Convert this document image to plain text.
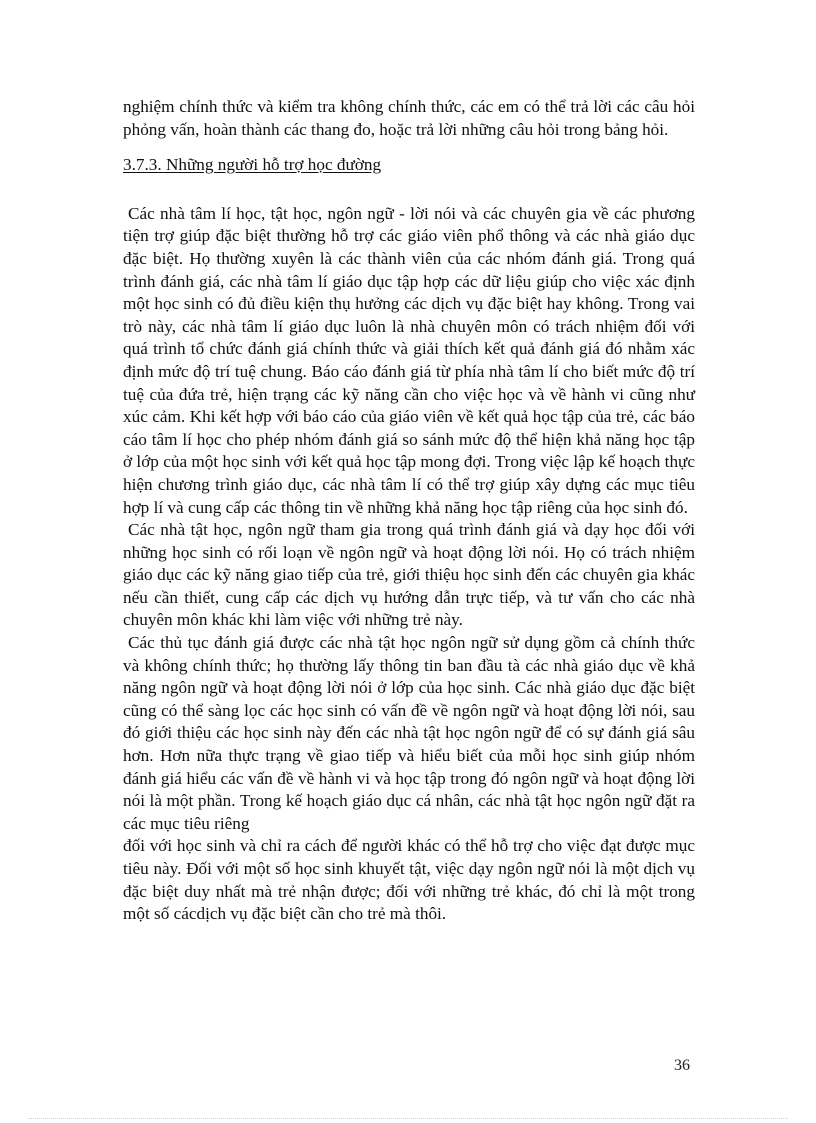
nghiệm chính thức và kiểm tra không chính thức, các em có thể trả lời các câu hỏi phỏng vấn, hoàn thành các thang đo, hoặc trả lời những câu hỏi trong bảng hỏi.

3.7.3. Những người hỗ trợ học đường

Các nhà tâm lí học, tật học, ngôn ngữ - lời nói và các chuyên gia về các phương tiện trợ giúp đặc biệt thường hỗ trợ các giáo viên phổ thông và các nhà giáo dục đặc biệt. Họ thường xuyên là các thành viên của các nhóm đánh giá. Trong quá trình đánh giá, các nhà tâm lí giáo dục tập hợp các dữ liệu giúp cho việc xác định một học sinh có đủ điều kiện thụ hưởng các dịch vụ đặc biệt hay không. Trong vai trò này, các nhà tâm lí giáo dục luôn là nhà chuyên môn có trách nhiệm đối với quá trình tổ chức đánh giá chính thức và giải thích kết quả đánh giá đó nhằm xác định mức độ trí tuệ chung. Báo cáo đánh giá từ phía nhà tâm lí cho biết mức độ trí tuệ của đứa trẻ, hiện trạng các kỹ năng cần cho việc học và về hành vi cũng như xúc cảm. Khi kết hợp với báo cáo của giáo viên về kết quả học tập của trẻ, các báo cáo tâm lí học cho phép nhóm đánh giá so sánh mức độ thể hiện khả năng học tập ở lớp của một học sinh với kết quả học tập mong đợi. Trong việc lập kế hoạch thực hiện chương trình giáo dục, các nhà tâm lí có thể trợ giúp xây dựng các mục tiêu hợp lí và cung cấp các thông tin về những khả năng học tập riêng của học sinh đó.

Các nhà tật học, ngôn ngữ tham gia trong quá trình đánh giá và dạy học đối với những học sinh có rối loạn về ngôn ngữ và hoạt động lời nói. Họ có trách nhiệm giáo dục các kỹ năng giao tiếp của trẻ, giới thiệu học sinh đến các chuyên gia khác nếu cần thiết, cung cấp các dịch vụ hướng dẫn trực tiếp, và tư vấn cho các nhà chuyên môn khác khi làm việc với những trẻ này.

Các thủ tục đánh giá được các nhà tật học ngôn ngữ sử dụng gồm cả chính thức và không chính thức; họ thường lấy thông tin ban đầu tà các nhà giáo dục về khả năng ngôn ngữ và hoạt động lời nói ở lớp của học sinh. Các nhà giáo dục đặc biệt cũng có thể sàng lọc các học sinh có vấn đề về ngôn ngữ và hoạt động lời nói, sau đó giới thiệu các học sinh này đến các nhà tật học ngôn ngữ để có sự đánh giá sâu hơn. Hơn nữa thực trạng về giao tiếp và hiểu biết của mỗi học sinh giúp nhóm đánh giá hiểu các vấn đề về hành vi và học tập trong đó ngôn ngữ và hoạt động lời nói là một phần. Trong kế hoạch giáo dục cá nhân, các nhà tật học ngôn ngữ đặt ra các mục tiêu riêng

đối với học sinh và chỉ ra cách để người khác có thể hỗ trợ cho việc đạt được mục tiêu này. Đối với một số học sinh khuyết tật, việc dạy ngôn ngữ nói là một dịch vụ đặc biệt duy nhất mà trẻ nhận được; đối với những trẻ khác, đó chỉ là một trong một số cácdịch vụ đặc biệt cần cho trẻ mà thôi.

36
